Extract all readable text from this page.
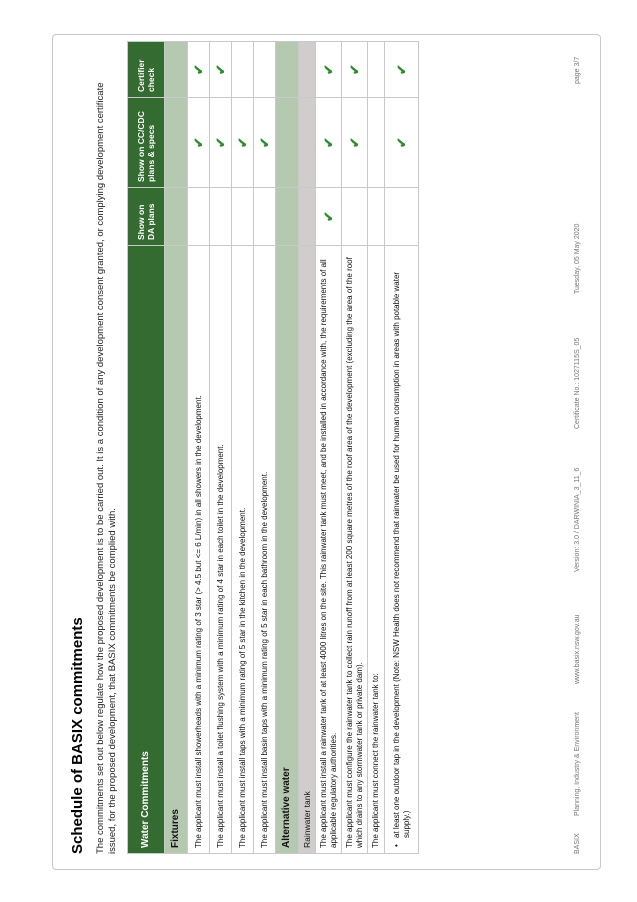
Schedule of BASIX commitments The commitments set out below regulate how the proposed development is to be carried out. It is a condition of any development consent granted, or complying development certificate issued, for the proposed development, that BASIX commitments be complied with. Water Commitments	Show on DA plans	Show on CC/CDC plans & specs	Certifier check
Fixtures			
The applicant must install showerheads with a minimum rating of 3 star (> 4.5 but <= 6 L/min) in all showers in the development.		✔	✔
The applicant must install a toilet flushing system with a minimum rating of 4 star in each toilet in the development.		✔	✔
The applicant must install taps with a minimum rating of 5 star in the kitchen in the development.		✔	
The applicant must install basin taps with a minimum rating of 5 star in each bathroom in the development.		✔	
Alternative water			
Rainwater tank			
The applicant must install a rainwater tank of at least 4000 litres on the site. This rainwater tank must meet, and be installed in accordance with, the requirements of all applicable regulatory authorities.	✔	✔	✔
The applicant must configure the rainwater tank to collect rain runoff from at least 200 square metres of the roof area of the development (excluding the area of the roof which drains to any stormwater tank or private dam).		✔	✔
The applicant must connect the rainwater tank to:			

• at least one outdoor tap in the development (Note: NSW Health does not recommend that rainwater be used for human consumption in areas with potable water supply.)		✔	✔
BASIX
Planning, Industry & Environment
www.basix.nsw.gov.au
Version: 3.0 / DARWINIA_3_11_6
Certificate No.: 1027115S_05
Tuesday, 05 May 2020
page 3/7
